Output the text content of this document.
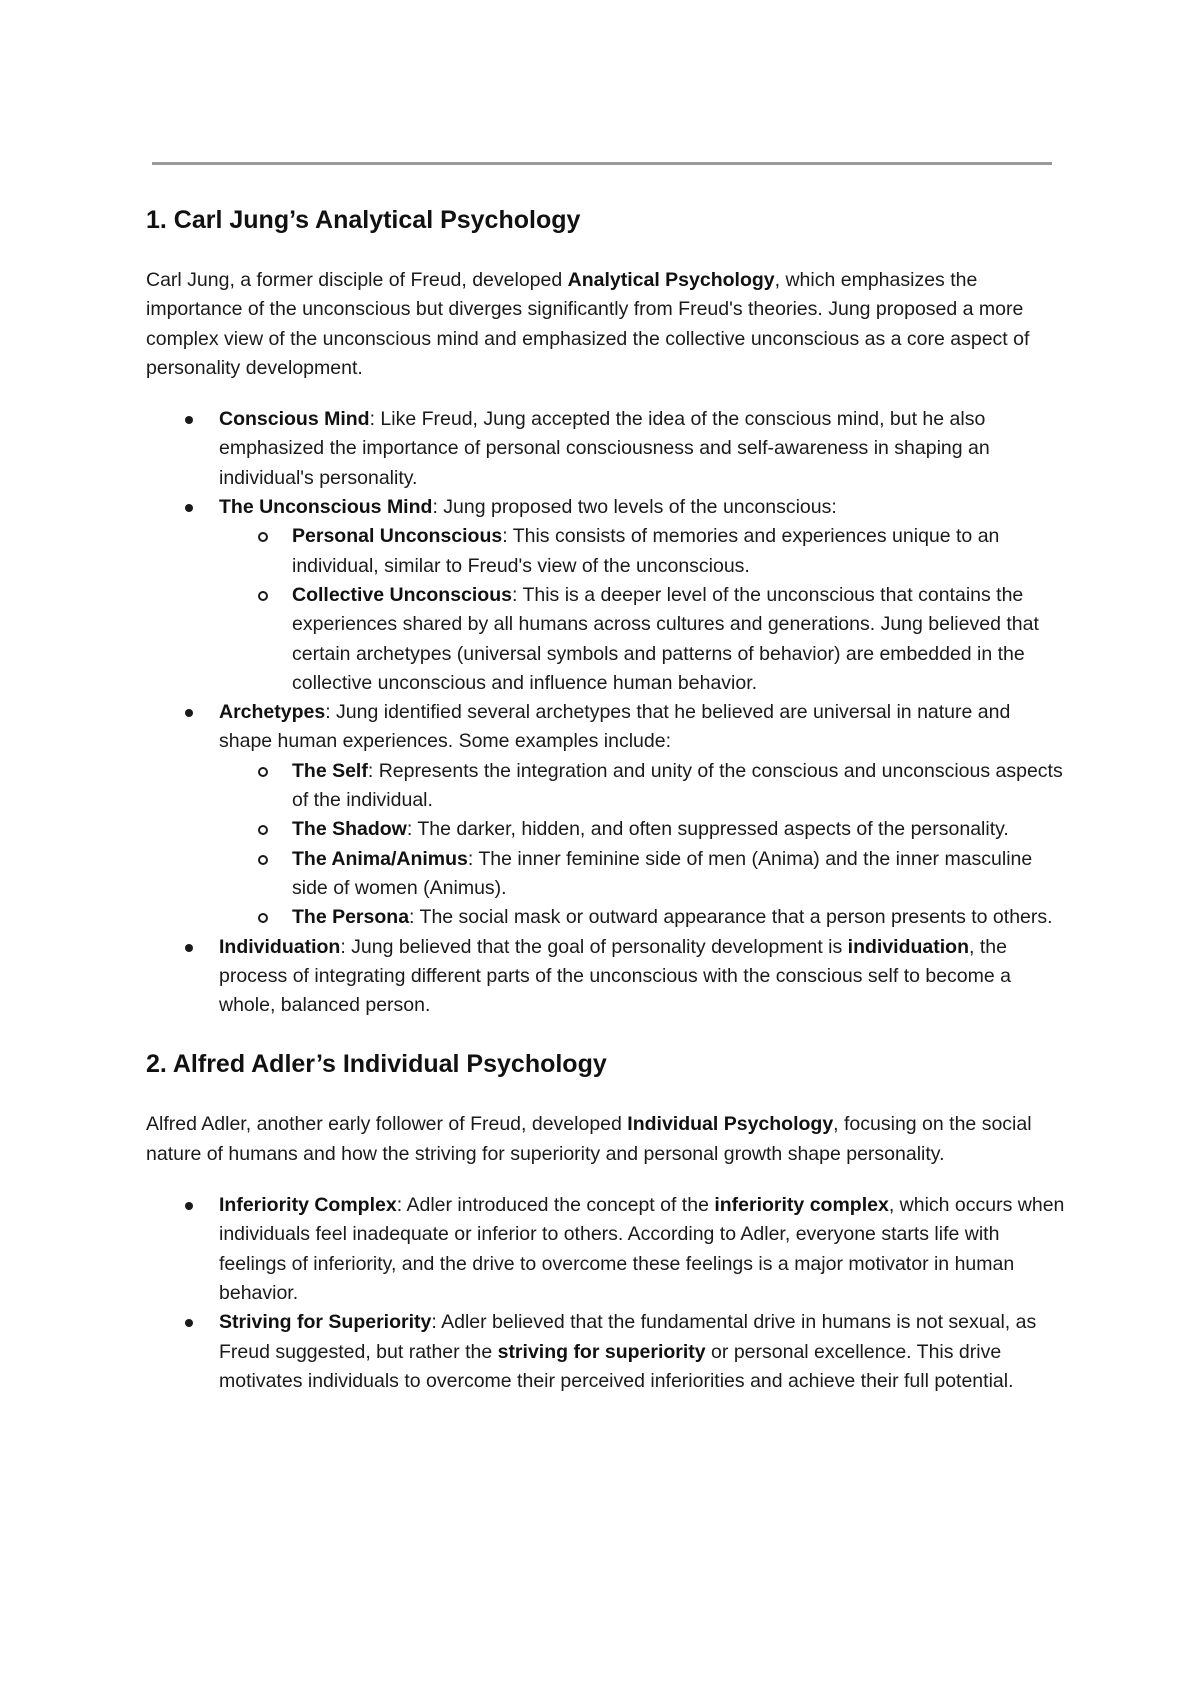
1. Carl Jung’s Analytical Psychology

Carl Jung, a former disciple of Freud, developed Analytical Psychology, which emphasizes the importance of the unconscious but diverges significantly from Freud's theories. Jung proposed a more complex view of the unconscious mind and emphasized the collective unconscious as a core aspect of personality development.

Conscious Mind: Like Freud, Jung accepted the idea of the conscious mind, but he also emphasized the importance of personal consciousness and self-awareness in shaping an individual's personality.
The Unconscious Mind: Jung proposed two levels of the unconscious:
Personal Unconscious: This consists of memories and experiences unique to an individual, similar to Freud's view of the unconscious.
Collective Unconscious: This is a deeper level of the unconscious that contains the experiences shared by all humans across cultures and generations. Jung believed that certain archetypes (universal symbols and patterns of behavior) are embedded in the collective unconscious and influence human behavior.
Archetypes: Jung identified several archetypes that he believed are universal in nature and shape human experiences. Some examples include:
The Self: Represents the integration and unity of the conscious and unconscious aspects of the individual.
The Shadow: The darker, hidden, and often suppressed aspects of the personality.
The Anima/Animus: The inner feminine side of men (Anima) and the inner masculine side of women (Animus).
The Persona: The social mask or outward appearance that a person presents to others.
Individuation: Jung believed that the goal of personality development is individuation, the process of integrating different parts of the unconscious with the conscious self to become a whole, balanced person.
2. Alfred Adler’s Individual Psychology

Alfred Adler, another early follower of Freud, developed Individual Psychology, focusing on the social nature of humans and how the striving for superiority and personal growth shape personality.

Inferiority Complex: Adler introduced the concept of the inferiority complex, which occurs when individuals feel inadequate or inferior to others. According to Adler, everyone starts life with feelings of inferiority, and the drive to overcome these feelings is a major motivator in human behavior.
Striving for Superiority: Adler believed that the fundamental drive in humans is not sexual, as Freud suggested, but rather the striving for superiority or personal excellence. This drive motivates individuals to overcome their perceived inferiorities and achieve their full potential.
